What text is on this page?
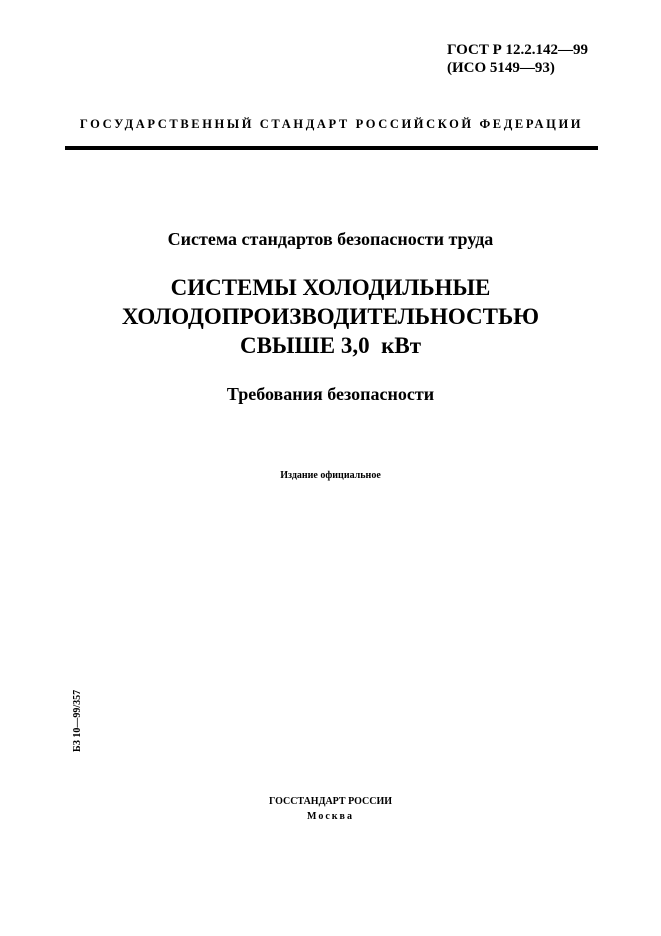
ГОСТ Р 12.2.142—99
(ИСО 5149—93)
ГОСУДАРСТВЕННЫЙ СТАНДАРТ РОССИЙСКОЙ ФЕДЕРАЦИИ
Система стандартов безопасности труда
СИСТЕМЫ ХОЛОДИЛЬНЫЕ
ХОЛОДОПРОИЗВОДИТЕЛЬНОСТЬЮ
СВЫШЕ 3,0  кВт
Требования безопасности
Издание официальное
БЗ 10—99/357
ГОССТАНДАРТ РОССИИ
Москва
